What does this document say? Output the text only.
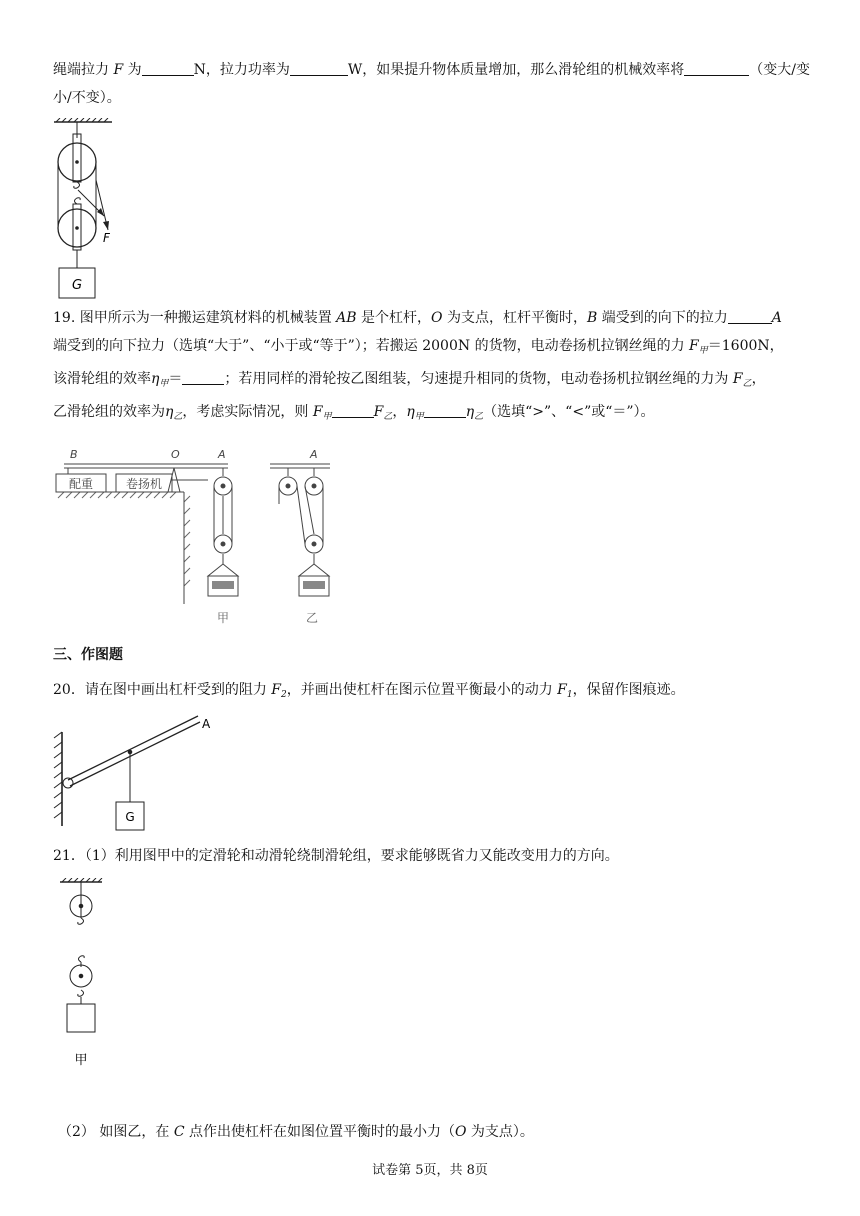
绳端拉力 F 为	N，拉力功率为	W，如果提升物体质量增加，那么滑轮组的机械效率将	（变大/变小/不变）。
F
G
19. 图甲所示为一种搬运建筑材料的机械装置 AB 是个杠杆，O 为支点，杠杆平衡时，B 端受到的向下的拉力	A
端受到的向下拉力（选填“大于”、“小于或“等于”）；若搬运 2000N 的货物，电动卷扬机拉钢丝绳的力 $F_甲=1600N$，
该滑轮组的效率$\eta_甲=$	；若用同样的滑轮按乙图组装，匀速提升相同的货物，电动卷扬机拉钢丝绳的力为 $F_乙$，
乙滑轮组的效率为$\eta_乙$，考虑实际情况，则 $F_甲$	$F_乙$，$\eta_甲$	$\eta_乙$（选填“>”、“<”或“＝”）。
B	O	A	A
配重	卷扬机
甲	乙
三、作图题
20．请在图中画出杠杆受到的阻力 $F_2$，并画出使杠杆在图示位置平衡最小的动力 $F_1$，保留作图痕迹。
A
G
21．（1）利用图甲中的定滑轮和动滑轮绕制滑轮组，要求能够既省力又能改变用力的方向。
甲
（2） 如图乙，在 C 点作出使杠杆在如图位置平衡时的最小力（O 为支点）。
试卷第 5页，共 8页
